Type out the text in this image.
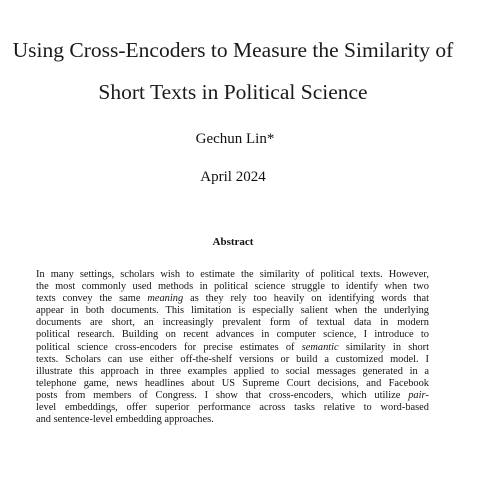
Using Cross-Encoders to Measure the Similarity of
Short Texts in Political Science
Gechun Lin*
April 2024
Abstract
In many settings, scholars wish to estimate the similarity of political texts. However,
the most commonly used methods in political science struggle to identify when two
texts convey the same meaning as they rely too heavily on identifying words that
appear in both documents. This limitation is especially salient when the underlying
documents are short, an increasingly prevalent form of textual data in modern
political research. Building on recent advances in computer science, I introduce to
political science cross-encoders for precise estimates of semantic similarity in short
texts. Scholars can use either off-the-shelf versions or build a customized model. I
illustrate this approach in three examples applied to social messages generated in a
telephone game, news headlines about US Supreme Court decisions, and Facebook
posts from members of Congress. I show that cross-encoders, which utilize pair-
level embeddings, offer superior performance across tasks relative to word-based
and sentence-level embedding approaches.
